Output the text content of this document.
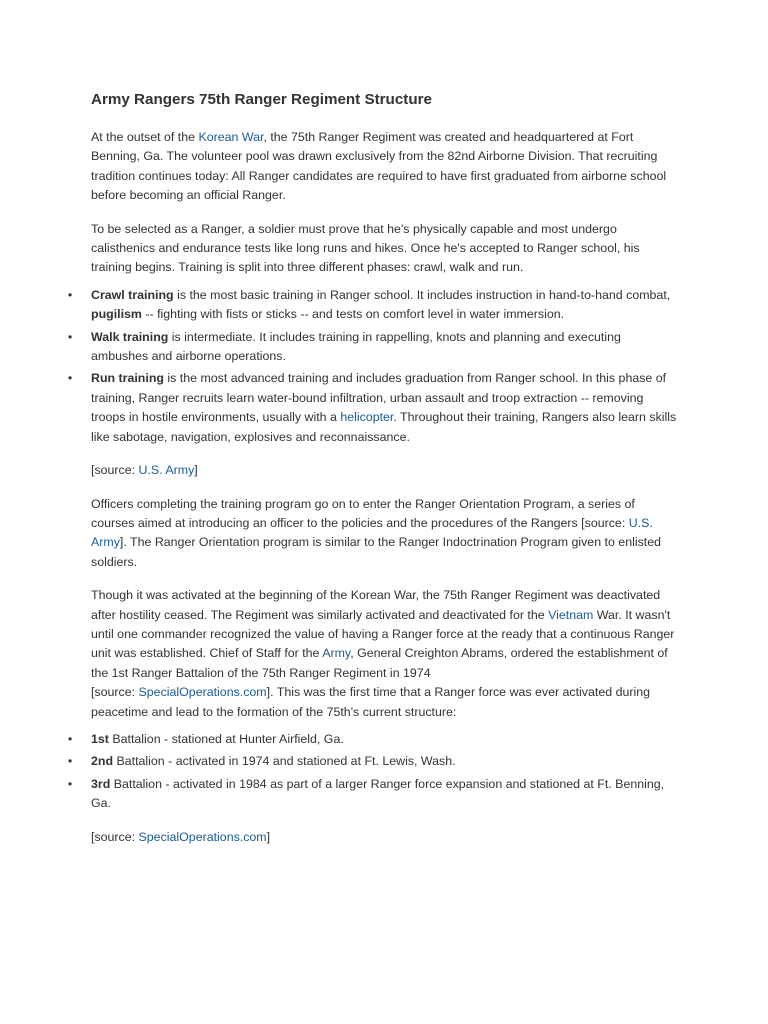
Army Rangers 75th Ranger Regiment Structure

At the outset of the Korean War, the 75th Ranger Regiment was created and headquartered at Fort Benning, Ga. The volunteer pool was drawn exclusively from the 82nd Airborne Division. That recruiting tradition continues today: All Ranger candidates are required to have first graduated from airborne school before becoming an official Ranger.

To be selected as a Ranger, a soldier must prove that he's physically capable and most undergo calisthenics and endurance tests like long runs and hikes. Once he's accepted to Ranger school, his training begins. Training is split into three different phases: crawl, walk and run.

• Crawl training is the most basic training in Ranger school. It includes instruction in hand-to-hand combat, pugilism -- fighting with fists or sticks -- and tests on comfort level in water immersion.
• Walk training is intermediate. It includes training in rappelling, knots and planning and executing ambushes and airborne operations.
• Run training is the most advanced training and includes graduation from Ranger school. In this phase of training, Ranger recruits learn water-bound infiltration, urban assault and troop extraction -- removing troops in hostile environments, usually with a helicopter. Throughout their training, Rangers also learn skills like sabotage, navigation, explosives and reconnaissance.

[source: U.S. Army]

Officers completing the training program go on to enter the Ranger Orientation Program, a series of courses aimed at introducing an officer to the policies and the procedures of the Rangers [source: U.S. Army]. The Ranger Orientation program is similar to the Ranger Indoctrination Program given to enlisted soldiers.

Though it was activated at the beginning of the Korean War, the 75th Ranger Regiment was deactivated after hostility ceased. The Regiment was similarly activated and deactivated for the Vietnam War. It wasn't until one commander recognized the value of having a Ranger force at the ready that a continuous Ranger unit was established. Chief of Staff for the Army, General Creighton Abrams, ordered the establishment of the 1st Ranger Battalion of the 75th Ranger Regiment in 1974
[source: SpecialOperations.com]. This was the first time that a Ranger force was ever activated during peacetime and lead to the formation of the 75th's current structure:

• 1st Battalion - stationed at Hunter Airfield, Ga.
• 2nd Battalion - activated in 1974 and stationed at Ft. Lewis, Wash.
• 3rd Battalion - activated in 1984 as part of a larger Ranger force expansion and stationed at Ft. Benning, Ga.

[source: SpecialOperations.com]
